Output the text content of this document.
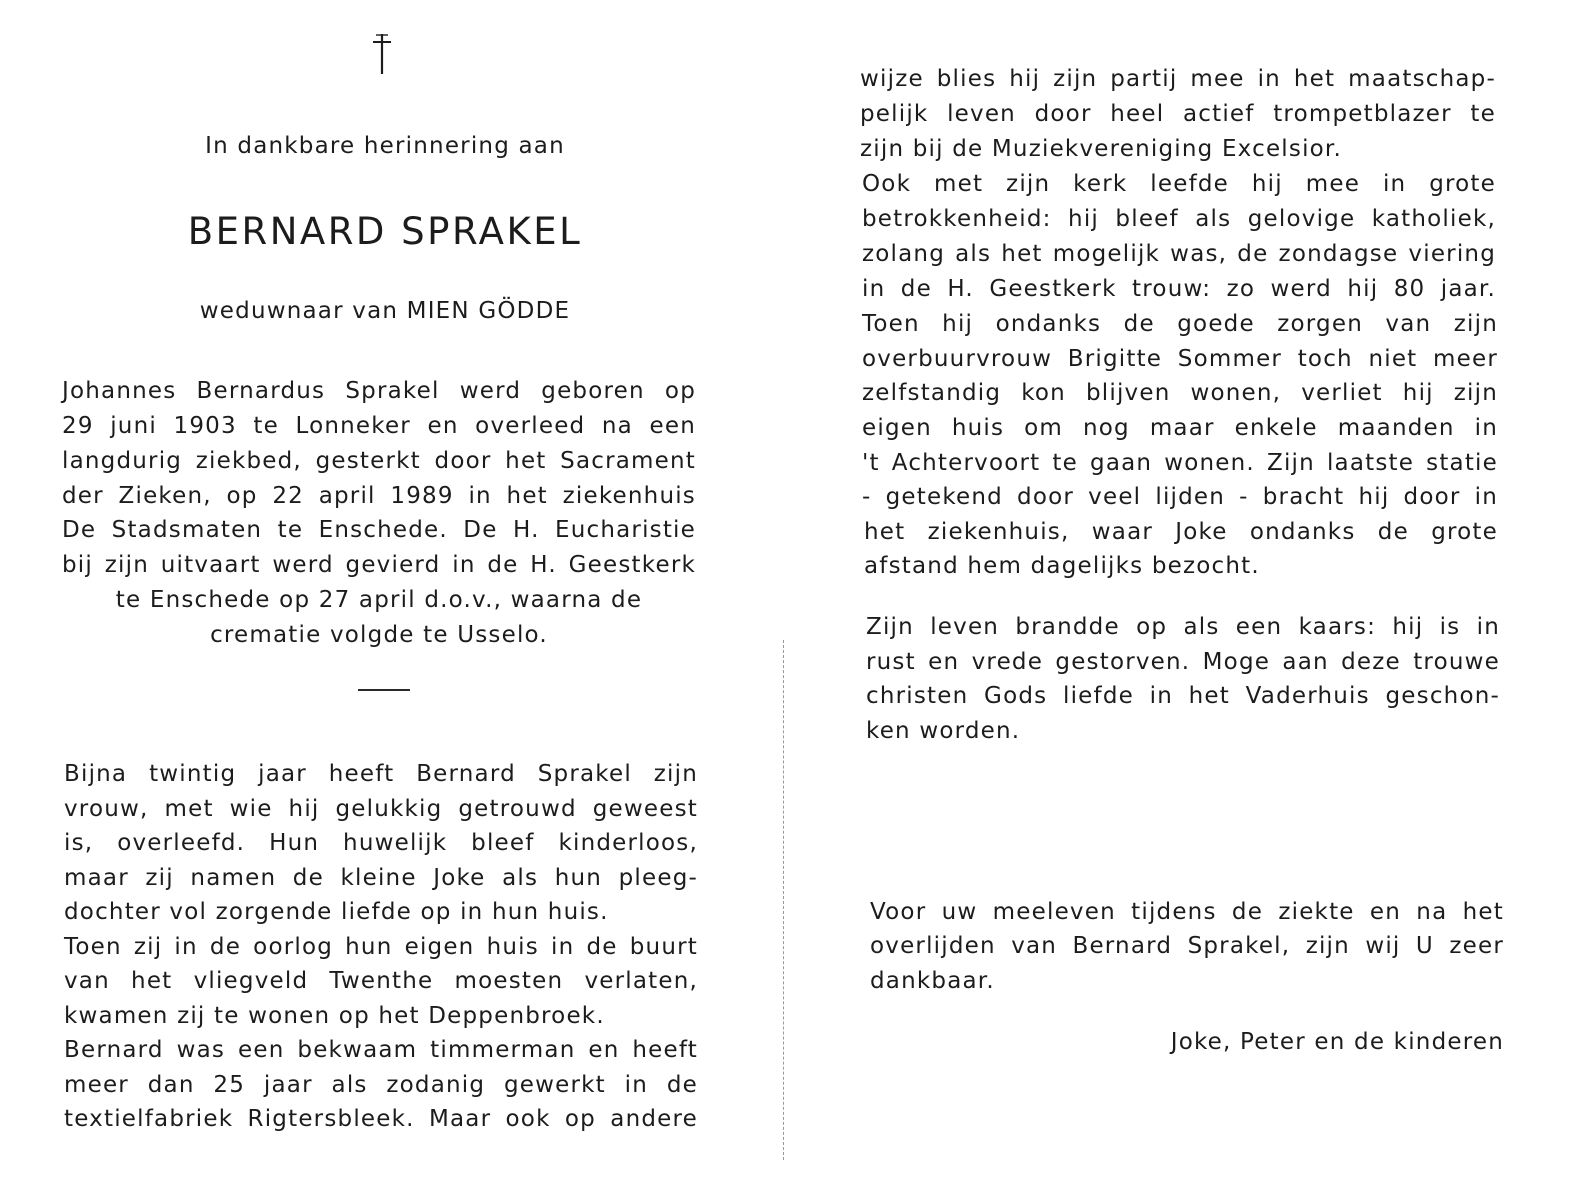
In dankbare herinnering aan
BERNARD SPRAKEL
weduwnaar van MIEN GÖDDE
Johannes Bernardus Sprakel werd geboren op
29 juni 1903 te Lonneker en overleed na een
langdurig ziekbed, gesterkt door het Sacrament
der Zieken, op 22 april 1989 in het ziekenhuis
De Stadsmaten te Enschede. De H. Eucharistie
bij zijn uitvaart werd gevierd in de H. Geestkerk
te Enschede op 27 april d.o.v., waarna de
crematie volgde te Usselo.
Bijna twintig jaar heeft Bernard Sprakel zijn
vrouw, met wie hij gelukkig getrouwd geweest
is, overleefd. Hun huwelijk bleef kinderloos,
maar zij namen de kleine Joke als hun pleeg-
dochter vol zorgende liefde op in hun huis.
Toen zij in de oorlog hun eigen huis in de buurt
van het vliegveld Twenthe moesten verlaten,
kwamen zij te wonen op het Deppenbroek.
Bernard was een bekwaam timmerman en heeft
meer dan 25 jaar als zodanig gewerkt in de
textielfabriek Rigtersbleek. Maar ook op andere
wijze blies hij zijn partij mee in het maatschap-
pelijk leven door heel actief trompetblazer te
zijn bij de Muziekvereniging Excelsior.
Ook met zijn kerk leefde hij mee in grote
betrokkenheid: hij bleef als gelovige katholiek,
zolang als het mogelijk was, de zondagse viering
in de H. Geestkerk trouw: zo werd hij 80 jaar.
Toen hij ondanks de goede zorgen van zijn
overbuurvrouw Brigitte Sommer toch niet meer
zelfstandig kon blijven wonen, verliet hij zijn
eigen huis om nog maar enkele maanden in
't Achtervoort te gaan wonen. Zijn laatste statie
- getekend door veel lijden - bracht hij door in
het ziekenhuis, waar Joke ondanks de grote
afstand hem dagelijks bezocht.
Zijn leven brandde op als een kaars: hij is in
rust en vrede gestorven. Moge aan deze trouwe
christen Gods liefde in het Vaderhuis geschon-
ken worden.
Voor uw meeleven tijdens de ziekte en na het
overlijden van Bernard Sprakel, zijn wij U zeer
dankbaar.
Joke, Peter en de kinderen
